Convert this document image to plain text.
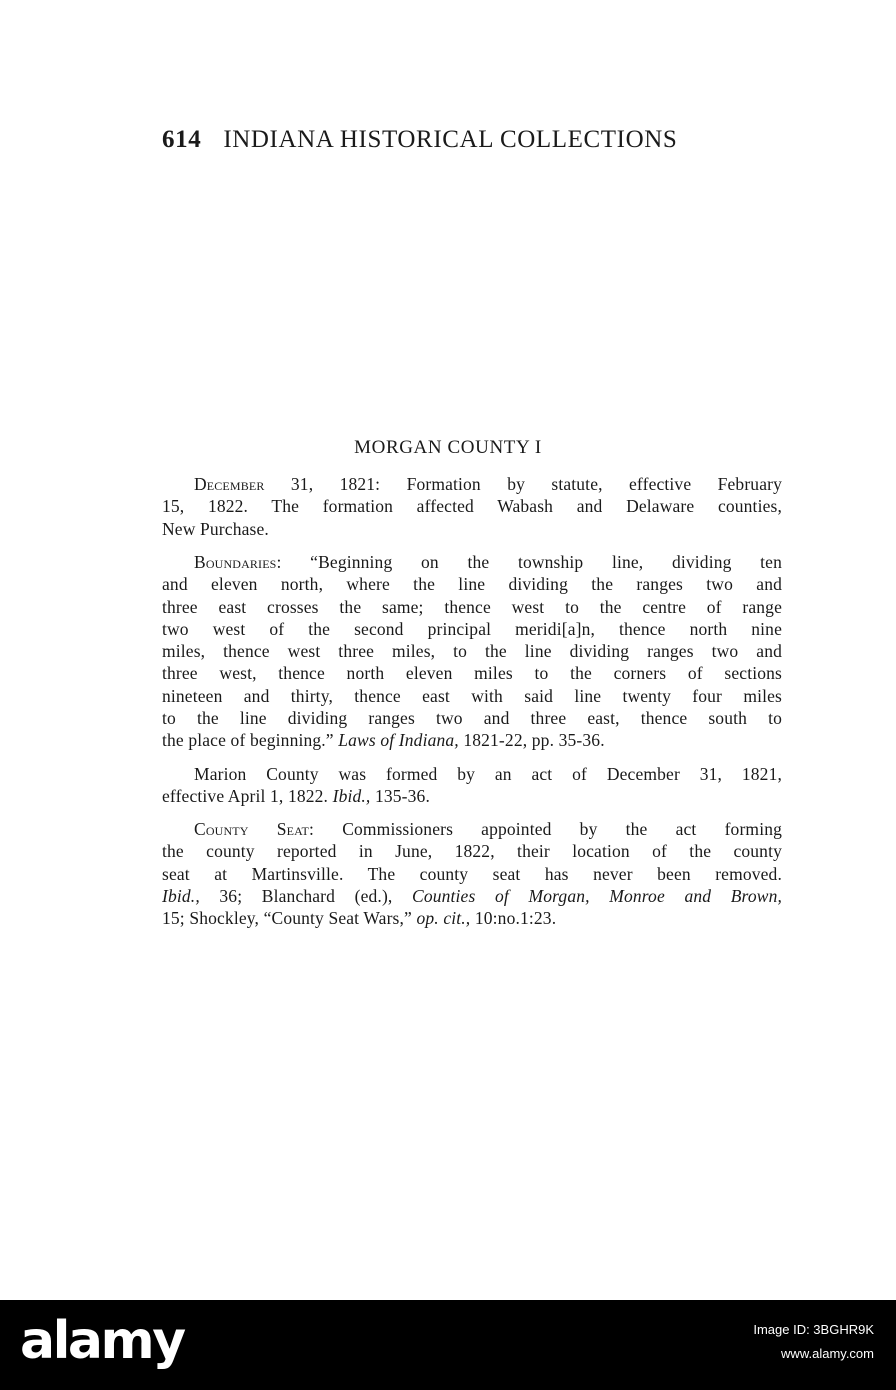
614 INDIANA HISTORICAL COLLECTIONS
MORGAN COUNTY I
December 31, 1821: Formation by statute, effective February
15, 1822. The formation affected Wabash and Delaware counties,
New Purchase.
Boundaries: “Beginning on the township line, dividing ten
and eleven north, where the line dividing the ranges two and
three east crosses the same; thence west to the centre of range
two west of the second principal meridi[a]n, thence north nine
miles, thence west three miles, to the line dividing ranges two and
three west, thence north eleven miles to the corners of sections
nineteen and thirty, thence east with said line twenty four miles
to the line dividing ranges two and three east, thence south to
the place of beginning.” Laws of Indiana, 1821-22, pp. 35-36.
Marion County was formed by an act of December 31, 1821,
effective April 1, 1822. Ibid., 135-36.
County Seat: Commissioners appointed by the act forming
the county reported in June, 1822, their location of the county
seat at Martinsville. The county seat has never been removed.
Ibid., 36; Blanchard (ed.), Counties of Morgan, Monroe and Brown,
15; Shockley, “County Seat Wars,” op. cit., 10:no.1:23.
alamy	Image ID: 3BGHR9K
www.alamy.com
